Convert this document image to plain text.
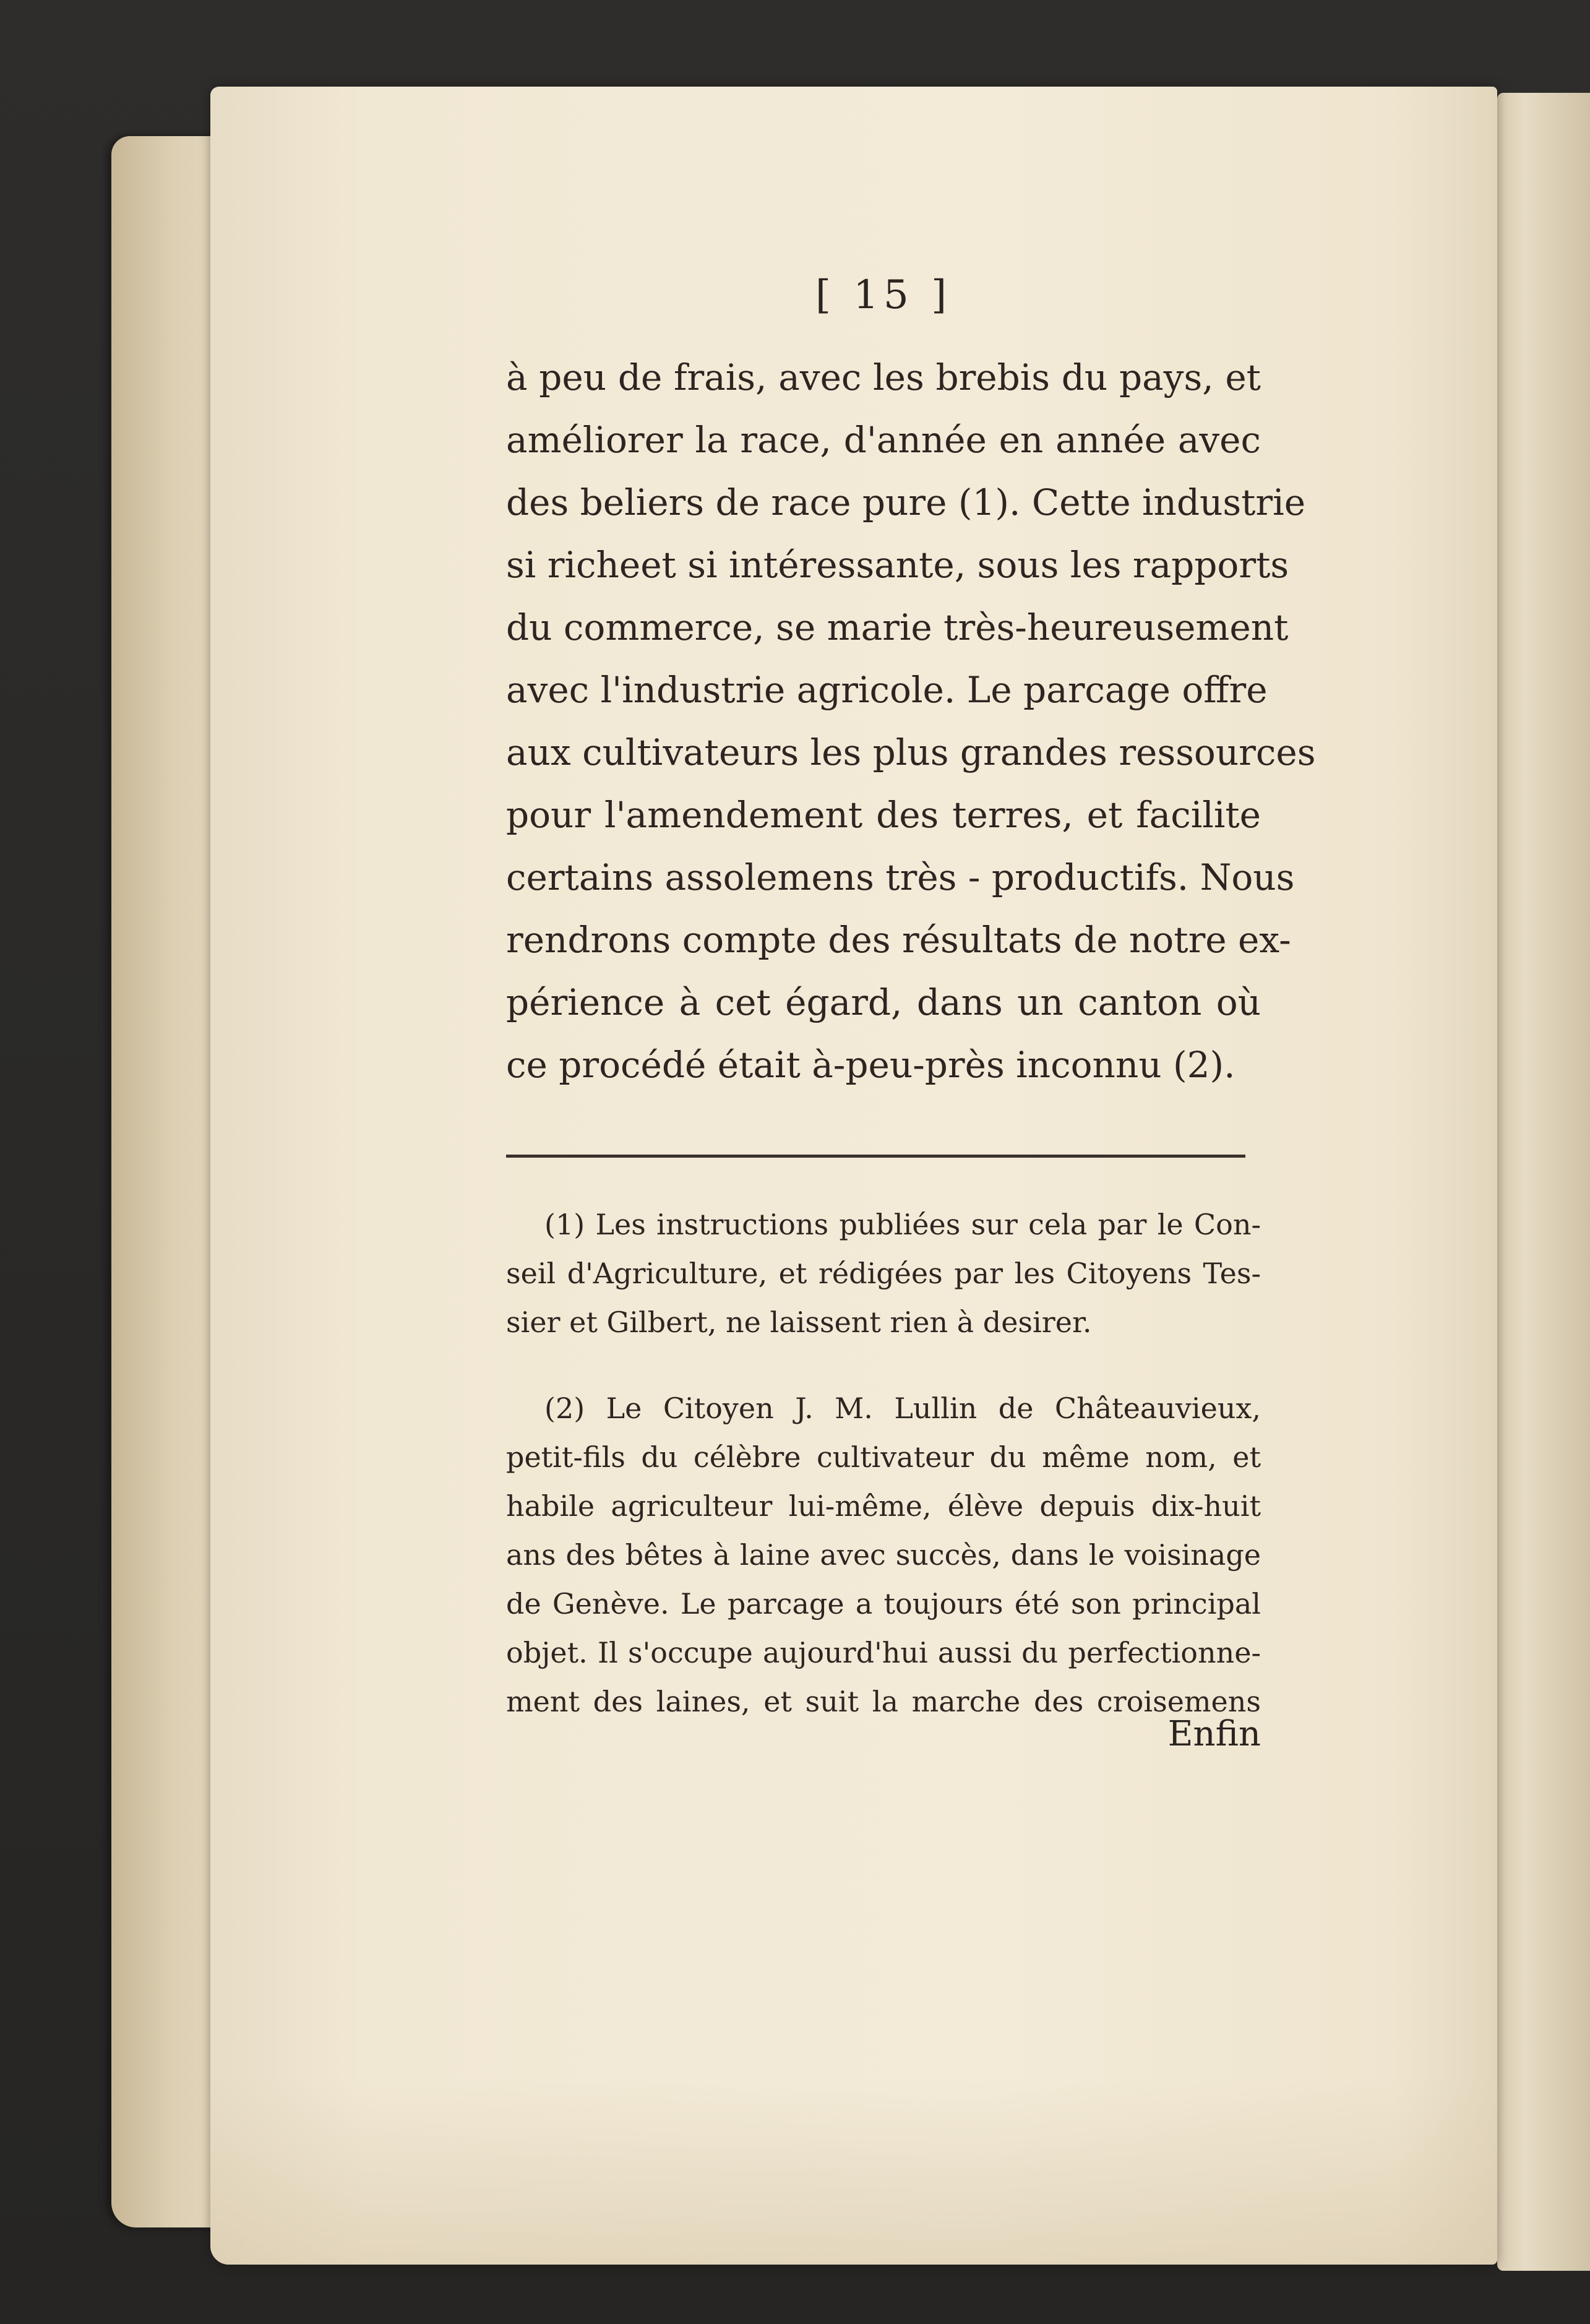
[ 15 ]

à peu de frais, avec les brebis du pays, et
améliorer la race, d'année en année avec
des beliers de race pure (1). Cette industrie
si richeet si intéressante, sous les rapports
du commerce, se marie très-heureusement
avec l'industrie agricole. Le parcage offre
aux cultivateurs les plus grandes ressources
pour l'amendement des terres, et facilite
certains assolemens très - productifs. Nous
rendrons compte des résultats de notre ex-
périence à cet égard, dans un canton où
ce procédé était à-peu-près inconnu (2).
(1) Les instructions publiées sur cela par le Con-
seil d'Agriculture, et rédigées par les Citoyens Tes-
sier et Gilbert, ne laissent rien à desirer.
(2) Le Citoyen J. M. Lullin de Châteauvieux,
petit-fils du célèbre cultivateur du même nom, et
habile agriculteur lui-même, élève depuis dix-huit
ans des bêtes à laine avec succès, dans le voisinage
de Genève. Le parcage a toujours été son principal
objet. Il s'occupe aujourd'hui aussi du perfectionne-
ment des laines, et suit la marche des croisemens
Enfin
